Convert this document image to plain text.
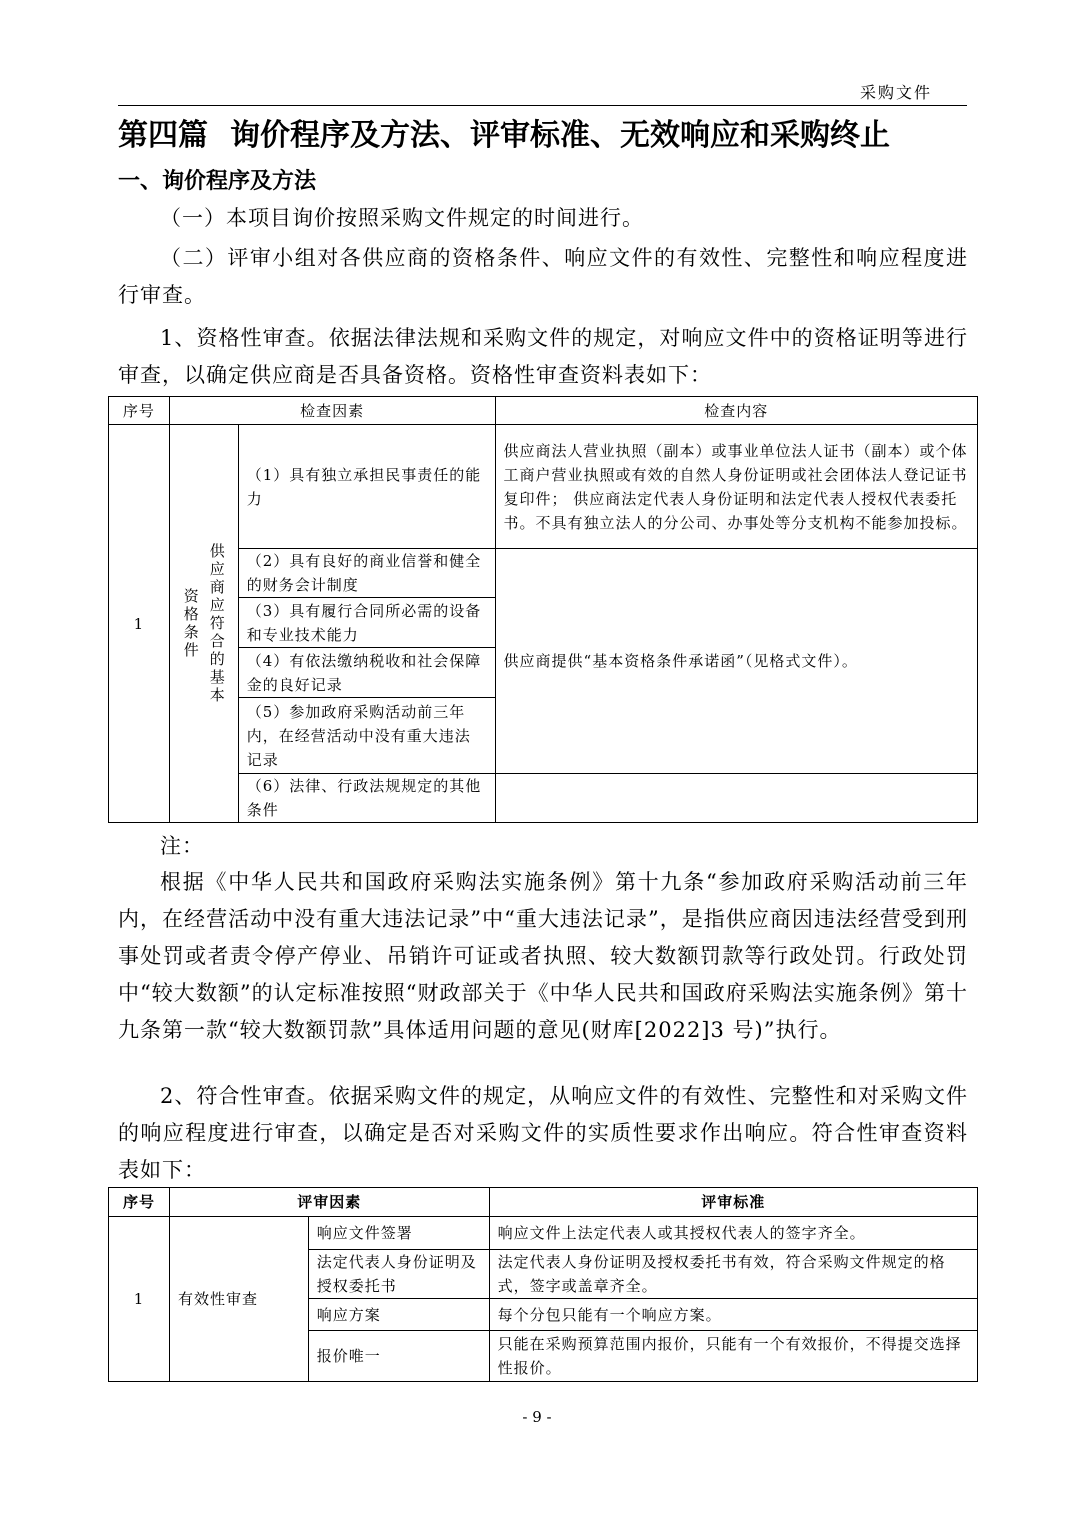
采购文件
第四篇 询价程序及方法、评审标准、无效响应和采购终止
一、询价程序及方法
（一）本项目询价按照采购文件规定的时间进行。
（二）评审小组对各供应商的资格条件、响应文件的有效性、完整性和响应程度进行审查。
1、资格性审查。依据法律法规和采购文件的规定，对响应文件中的资格证明等进行审查，以确定供应商是否具备资格。资格性审查资料表如下：
序号	检查因素		检查内容
1	供应商应符合的基本资格条件	（1）具有独立承担民事责任的能力	供应商法人营业执照（副本）或事业单位法人证书（副本）或个体工商户营业执照或有效的自然人身份证明或社会团体法人登记证书复印件； 供应商法定代表人身份证明和法定代表人授权代表委托书。不具有独立法人的分公司、办事处等分支机构不能参加投标。
		（2）具有良好的商业信誉和健全的财务会计制度	供应商提供“基本资格条件承诺函”（见格式文件）。
		（3）具有履行合同所必需的设备和专业技术能力	
		（4）有依法缴纳税收和社会保障金的良好记录	
		（5）参加政府采购活动前三年内，在经营活动中没有重大违法记录	
		（6）法律、行政法规规定的其他条件	
注：
根据《中华人民共和国政府采购法实施条例》第十九条“参加政府采购活动前三年内，在经营活动中没有重大违法记录”中“重大违法记录”，是指供应商因违法经营受到刑事处罚或者责令停产停业、吊销许可证或者执照、较大数额罚款等行政处罚。行政处罚中“较大数额”的认定标准按照“财政部关于《中华人民共和国政府采购法实施条例》第十九条第一款“较大数额罚款”具体适用问题的意见(财库[2022]3 号)”执行。
2、符合性审查。依据采购文件的规定，从响应文件的有效性、完整性和对采购文件的响应程度进行审查，以确定是否对采购文件的实质性要求作出响应。符合性审查资料表如下：
序号	评审因素		评审标准
1	有效性审查	响应文件签署	响应文件上法定代表人或其授权代表人的签字齐全。
		法定代表人身份证明及授权委托书	法定代表人身份证明及授权委托书有效，符合采购文件规定的格式，签字或盖章齐全。
		响应方案	每个分包只能有一个响应方案。
		报价唯一	只能在采购预算范围内报价，只能有一个有效报价，不得提交选择性报价。
- 9 -
